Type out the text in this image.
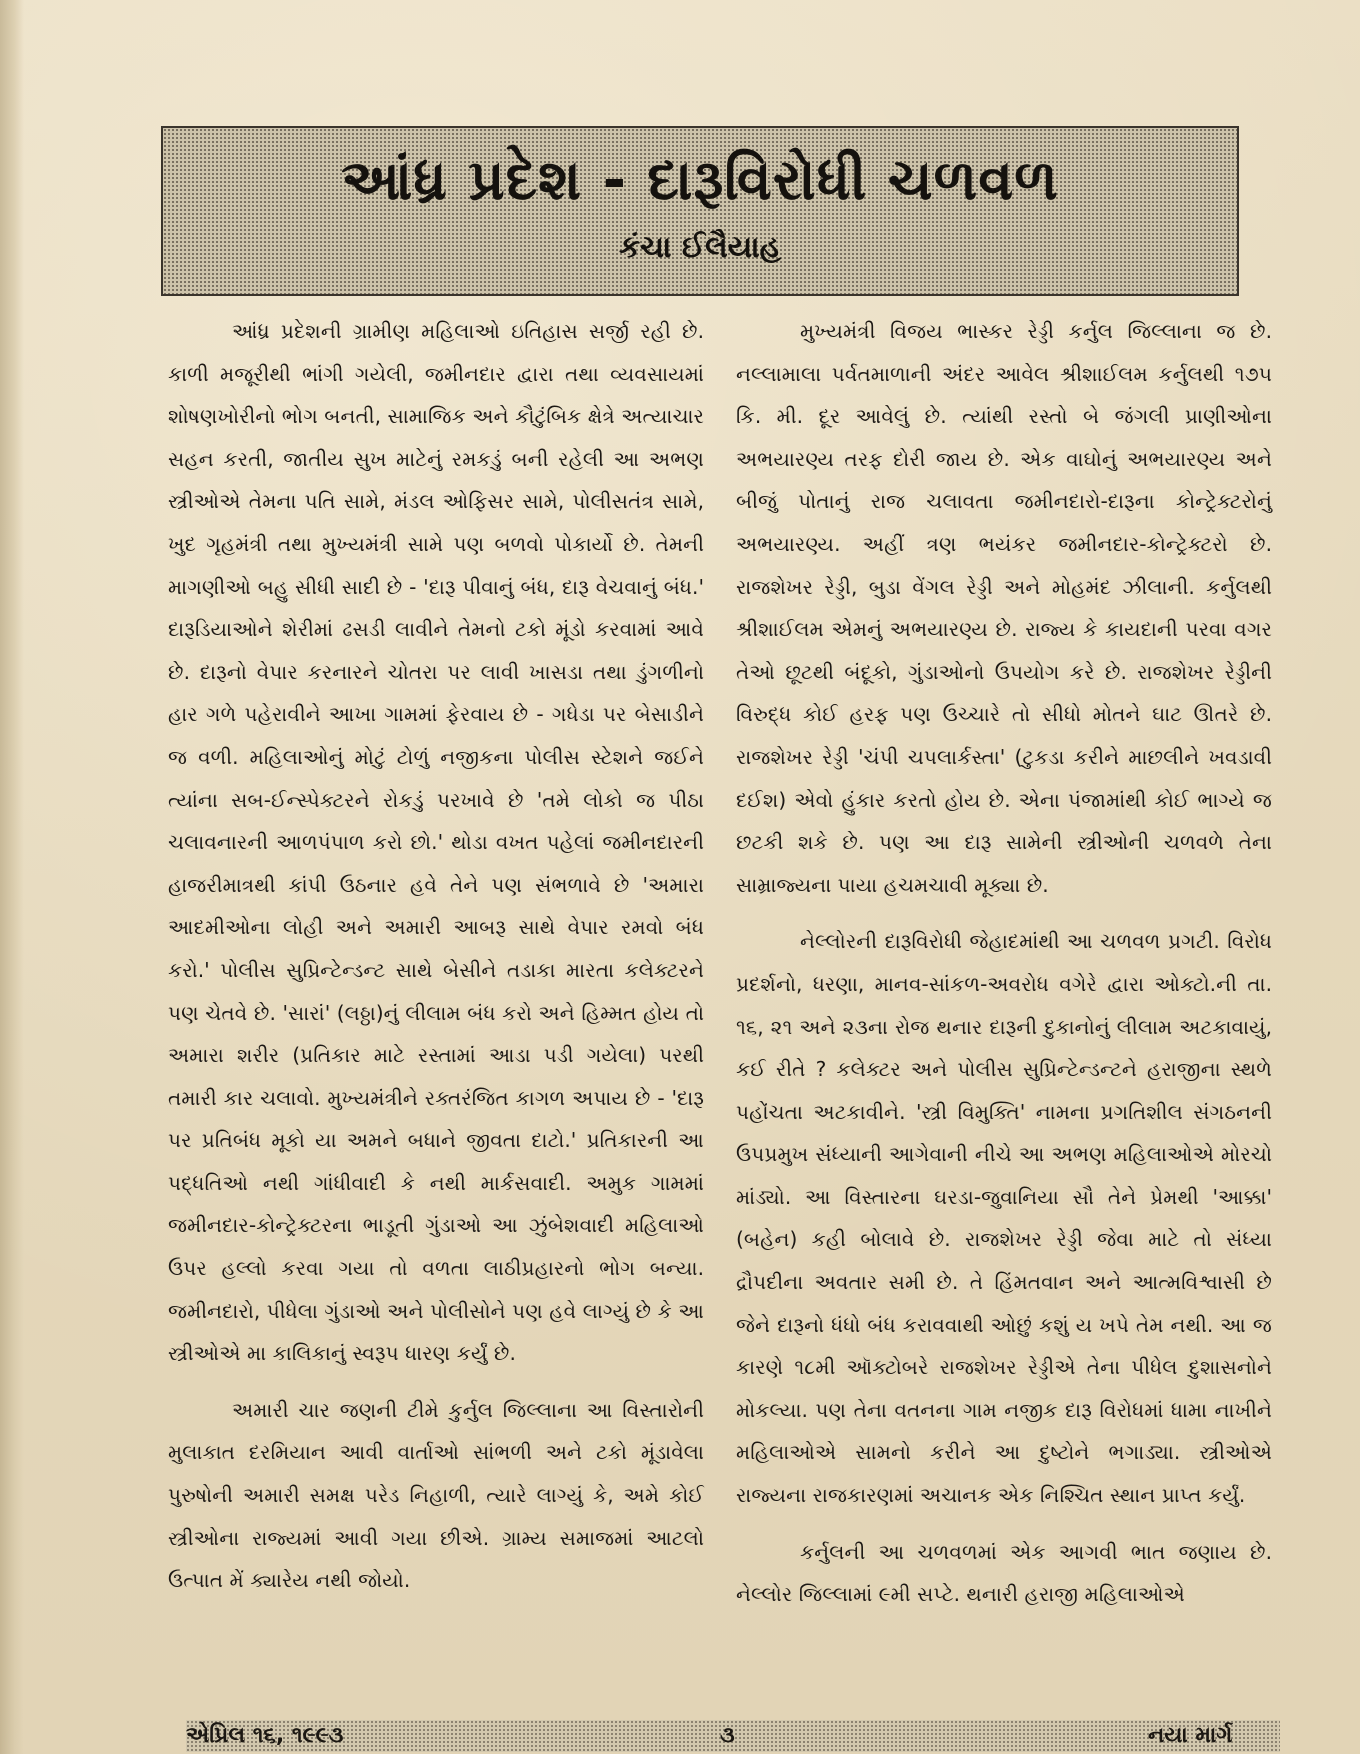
આંધ્ર પ્રદેશ - દારૂવિરોધી ચળવળ
કંચા ઈલૈયાહ

આંધ્ર પ્રદેશની ગ્રામીણ મહિલાઓ ઇતિહાસ સર્જી રહી છે. કાળી મજૂરીથી ભાંગી ગયેલી, જમીનદાર દ્વારા તથા વ્યવસાયમાં શોષણખોરીનો ભોગ બનતી, સામાજિક અને કૌટુંબિક ક્ષેત્રે અત્યાચાર સહન કરતી, જાતીય સુખ માટેનું રમકડું બની રહેલી આ અભણ સ્ત્રીઓએ તેમના પતિ સામે, મંડલ ઓફિસર સામે, પોલીસતંત્ર સામે, ખુદ ગૃહમંત્રી તથા મુખ્યમંત્રી સામે પણ બળવો પોકાર્યો છે. તેમની માગણીઓ બહુ સીધી સાદી છે - 'દારૂ પીવાનું બંધ, દારૂ વેચવાનું બંધ.' દારૂડિયાઓને શેરીમાં ઢસડી લાવીને તેમનો ટકો મૂંડો કરવામાં આવે છે. દારૂનો વેપાર કરનારને ચોતરા પર લાવી ખાસડા તથા ડુંગળીનો હાર ગળે પહેરાવીને આખા ગામમાં ફેરવાય છે - ગધેડા પર બેસાડીને જ વળી. મહિલાઓનું મોટું ટોળું નજીકના પોલીસ સ્ટેશને જઈને ત્યાંના સબ-ઈન્સ્પેક્ટરને રોકડું પરખાવે છે 'તમે લોકો જ પીઠા ચલાવનારની આળપંપાળ કરો છો.' થોડા વખત પહેલાં જમીનદારની હાજરીમાત્રથી કાંપી ઉઠનાર હવે તેને પણ સંભળાવે છે 'અમારા આદમીઓના લોહી અને અમારી આબરૂ સાથે વેપાર રમવો બંધ કરો.' પોલીસ સુપ્રિન્ટેન્ડન્ટ સાથે બેસીને તડાકા મારતા કલેક્ટરને પણ ચેતવે છે. 'સારાં' (લઠ્ઠા)નું લીલામ બંધ કરો અને હિમ્મત હોય તો અમારા શરીર (પ્રતિકાર માટે રસ્તામાં આડા પડી ગયેલા) પરથી તમારી કાર ચલાવો. મુખ્યમંત્રીને રક્તરંજિત કાગળ અપાય છે - 'દારૂ પર પ્રતિબંધ મૂકો યા અમને બધાને જીવતા દાટો.' પ્રતિકારની આ પદ્ધતિઓ નથી ગાંધીવાદી કે નથી માર્કસવાદી. અમુક ગામમાં જમીનદાર-કોન્ટ્રેક્ટરના ભાડૂતી ગુંડાઓ આ ઝુંબેશવાદી મહિલાઓ ઉપર હલ્લો કરવા ગયા તો વળતા લાઠીપ્રહારનો ભોગ બન્યા. જમીનદારો, પીધેલા ગુંડાઓ અને પોલીસોને પણ હવે લાગ્યું છે કે આ સ્ત્રીઓએ મા કાલિકાનું સ્વરૂપ ધારણ કર્યું છે.

અમારી ચાર જણની ટીમે કુર્નુલ જિલ્લાના આ વિસ્તારોની મુલાકાત દરમિયાન આવી વાર્તાઓ સાંભળી અને ટકો મૂંડાવેલા પુરુષોની અમારી સમક્ષ પરેડ નિહાળી, ત્યારે લાગ્યું કે, અમે કોઈ સ્ત્રીઓના રાજ્યમાં આવી ગયા છીએ. ગ્રામ્ય સમાજમાં આટલો ઉત્પાત મેં ક્યારેય નથી જોયો.

મુખ્યમંત્રી વિજય ભાસ્કર રેડ્ડી કર્નુલ જિલ્લાના જ છે. નલ્લામાલા પર્વતમાળાની અંદર આવેલ શ્રીશાઈલમ કર્નુલથી ૧૭૫ કિ. મી. દૂર આવેલું છે. ત્યાંથી રસ્તો બે જંગલી પ્રાણીઓના અભયારણ્ય તરફ દોરી જાય છે. એક વાઘોનું અભયારણ્ય અને બીજું પોતાનું રાજ ચલાવતા જમીનદારો-દારૂના કોન્ટ્રેક્ટરોનું અભયારણ્ય. અહીં ત્રણ ભયંકર જમીનદાર-કોન્ટ્રેક્ટરો છે. રાજશેખર રેડ્ડી, બુડા વેંગલ રેડ્ડી અને મોહમંદ ઝીલાની. કર્નુલથી શ્રીશાઈલમ એમનું અભયારણ્ય છે. રાજ્ય કે કાયદાની પરવા વગર તેઓ છૂટથી બંદૂકો, ગુંડાઓનો ઉપયોગ કરે છે. રાજશેખર રેડ્ડીની વિરુદ્ધ કોઈ હરફ પણ ઉચ્ચારે તો સીધો મોતને ઘાટ ઊતરે છે. રાજશેખર રેડ્ડી 'ચંપી ચપલાર્કસ્તા' (ટુકડા કરીને માછલીને ખવડાવી દઈશ) એવો હુંકાર કરતો હોય છે. એના પંજામાંથી કોઈ ભાગ્યે જ છટકી શકે છે. પણ આ દારૂ સામેની સ્ત્રીઓની ચળવળે તેના સામ્રાજ્યના પાયા હચમચાવી મૂક્યા છે.

નેલ્લોરની દારૂવિરોધી જેહાદમાંથી આ ચળવળ પ્રગટી. વિરોધ પ્રદર્શનો, ધરણા, માનવ-સાંકળ-અવરોધ વગેરે દ્વારા ઓક્ટો.ની તા. ૧૬, ૨૧ અને ૨૩ના રોજ થનાર દારૂની દુકાનોનું લીલામ અટકાવાયું, કઈ રીતે ? કલેક્ટર અને પોલીસ સુપ્રિન્ટેન્ડન્ટને હરાજીના સ્થળે પહોંચતા અટકાવીને. 'સ્ત્રી વિમુક્તિ' નામના પ્રગતિશીલ સંગઠનની ઉપપ્રમુખ સંધ્યાની આગેવાની નીચે આ અભણ મહિલાઓએ મોરચો માંડ્યો. આ વિસ્તારના ઘરડા-જુવાનિયા સૌ તેને પ્રેમથી 'આક્કા' (બહેન) કહી બોલાવે છે. રાજશેખર રેડ્ડી જેવા માટે તો સંધ્યા દ્રૌપદીના અવતાર સમી છે. તે હિંમતવાન અને આત્મવિશ્વાસી છે જેને દારૂનો ધંધો બંધ કરાવવાથી ઓછું કશું ય ખપે તેમ નથી. આ જ કારણે ૧૮મી ઑક્ટોબરે રાજશેખર રેડ્ડીએ તેના પીધેલ દુશાસનોને મોકલ્યા. પણ તેના વતનના ગામ નજીક દારૂ વિરોધમાં ધામા નાખીને મહિલાઓએ સામનો કરીને આ દુષ્ટોને ભગાડ્યા. સ્ત્રીઓએ રાજ્યના રાજકારણમાં અચાનક એક નિશ્ચિત સ્થાન પ્રાપ્ત કર્યું.

કર્નુલની આ ચળવળમાં એક આગવી ભાત જણાય છે. નેલ્લોર જિલ્લામાં ૯મી સપ્ટે. થનારી હરાજી મહિલાઓએ

એપ્રિલ ૧૬, ૧૯૯૩	૩	નયા માર્ગ
